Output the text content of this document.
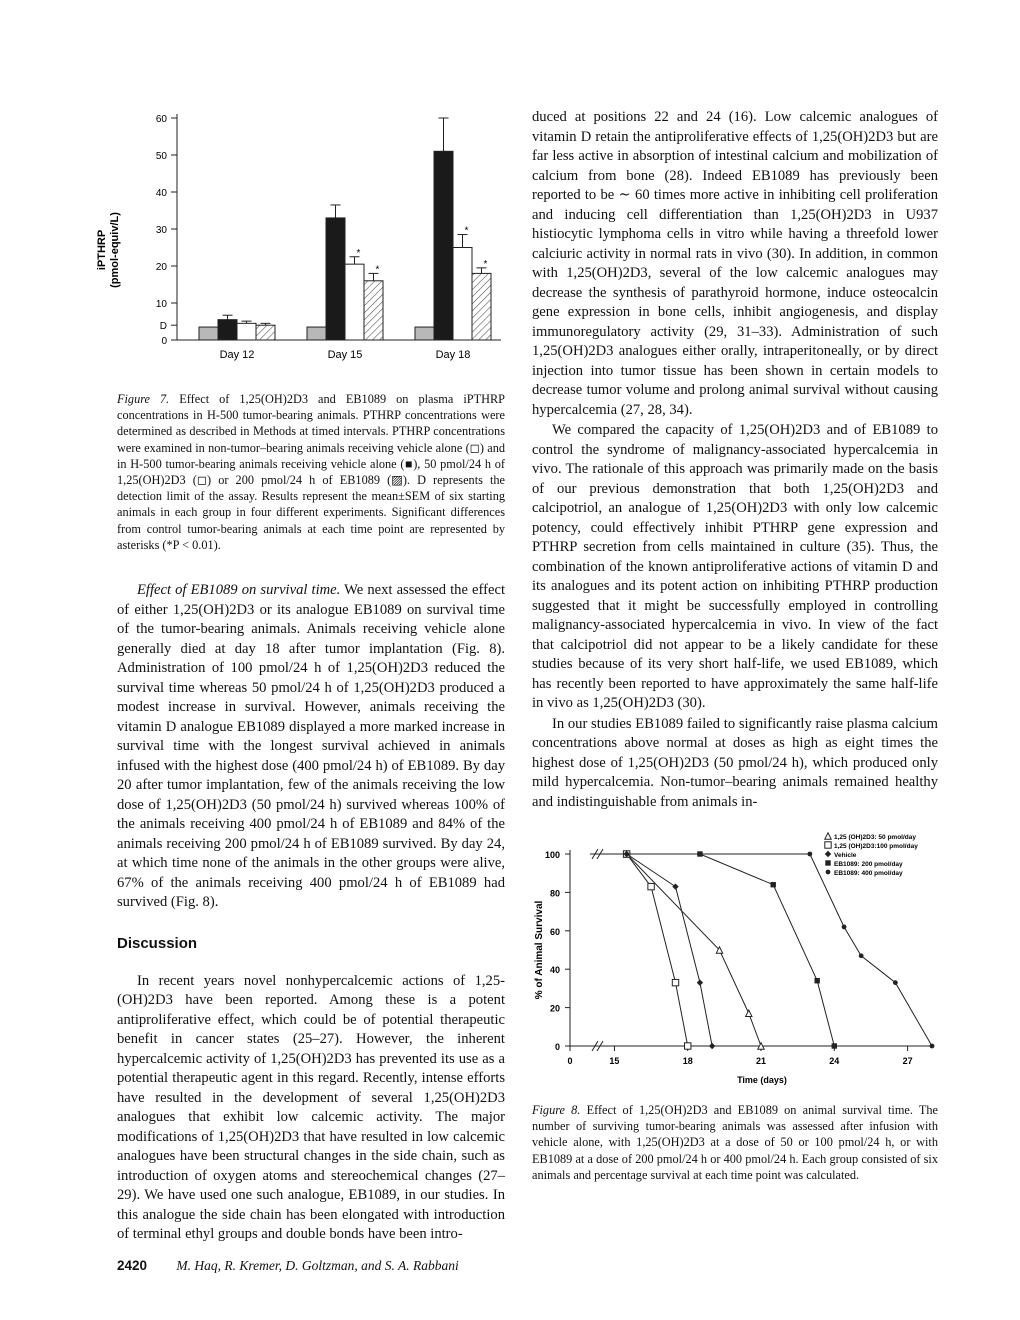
iPTHRP (pmol-equiv/L)
0
10
20
30
40
50
60
D
*
*
*
*
Day 12	Day 15	Day 18

Figure 7. Effect of 1,25(OH)2D3 and EB1089 on plasma iPTHRP concentrations in H-500 tumor-bearing animals. PTHRP concentrations were determined as described in Methods at timed intervals. PTHRP concentrations were examined in non-tumor–bearing animals receiving vehicle alone (◻) and in H-500 tumor-bearing animals receiving vehicle alone (■), 50 pmol/24 h of 1,25(OH)2D3 (◻) or 200 pmol/24 h of EB1089 (▨). D represents the detection limit of the assay. Results represent the mean±SEM of six starting animals in each group in four different experiments. Significant differences from control tumor-bearing animals at each time point are represented by asterisks (*P < 0.01).

Effect of EB1089 on survival time. We next assessed the effect of either 1,25(OH)2D3 or its analogue EB1089 on survival time of the tumor-bearing animals. Animals receiving vehicle alone generally died at day 18 after tumor implantation (Fig. 8). Administration of 100 pmol/24 h of 1,25(OH)2D3 reduced the survival time whereas 50 pmol/24 h of 1,25(OH)2D3 produced a modest increase in survival. However, animals receiving the vitamin D analogue EB1089 displayed a more marked increase in survival time with the longest survival achieved in animals infused with the highest dose (400 pmol/24 h) of EB1089. By day 20 after tumor implantation, few of the animals receiving the low dose of 1,25(OH)2D3 (50 pmol/24 h) survived whereas 100% of the animals receiving 400 pmol/24 h of EB1089 and 84% of the animals receiving 200 pmol/24 h of EB1089 survived. By day 24, at which time none of the animals in the other groups were alive, 67% of the animals receiving 400 pmol/24 h of EB1089 had survived (Fig. 8).

Discussion

In recent years novel nonhypercalcemic actions of 1,25-(OH)2D3 have been reported. Among these is a potent antiproliferative effect, which could be of potential therapeutic benefit in cancer states (25–27). However, the inherent hypercalcemic activity of 1,25(OH)2D3 has prevented its use as a potential therapeutic agent in this regard. Recently, intense efforts have resulted in the development of several 1,25(OH)2D3 analogues that exhibit low calcemic activity. The major modifications of 1,25(OH)2D3 that have resulted in low calcemic analogues have been structural changes in the side chain, such as introduction of oxygen atoms and stereochemical changes (27–29). We have used one such analogue, EB1089, in our studies. In this analogue the side chain has been elongated with introduction of terminal ethyl groups and double bonds have been intro-

duced at positions 22 and 24 (16). Low calcemic analogues of vitamin D retain the antiproliferative effects of 1,25(OH)2D3 but are far less active in absorption of intestinal calcium and mobilization of calcium from bone (28). Indeed EB1089 has previously been reported to be ∼ 60 times more active in inhibiting cell proliferation and inducing cell differentiation than 1,25(OH)2D3 in U937 histiocytic lymphoma cells in vitro while having a threefold lower calciuric activity in normal rats in vivo (30). In addition, in common with 1,25(OH)2D3, several of the low calcemic analogues may decrease the synthesis of parathyroid hormone, induce osteocalcin gene expression in bone cells, inhibit angiogenesis, and display immunoregulatory activity (29, 31–33). Administration of such 1,25(OH)2D3 analogues either orally, intraperitoneally, or by direct injection into tumor tissue has been shown in certain models to decrease tumor volume and prolong animal survival without causing hypercalcemia (27, 28, 34).

We compared the capacity of 1,25(OH)2D3 and of EB1089 to control the syndrome of malignancy-associated hypercalcemia in vivo. The rationale of this approach was primarily made on the basis of our previous demonstration that both 1,25(OH)2D3 and calcipotriol, an analogue of 1,25(OH)2D3 with only low calcemic potency, could effectively inhibit PTHRP gene expression and PTHRP secretion from cells maintained in culture (35). Thus, the combination of the known antiproliferative actions of vitamin D and its analogues and its potent action on inhibiting PTHRP production suggested that it might be successfully employed in controlling malignancy-associated hypercalcemia in vivo. In view of the fact that calcipotriol did not appear to be a likely candidate for these studies because of its very short half-life, we used EB1089, which has recently been reported to have approximately the same half-life in vivo as 1,25(OH)2D3 (30).

In our studies EB1089 failed to significantly raise plasma calcium concentrations above normal at doses as high as eight times the highest dose of 1,25(OH)2D3 (50 pmol/24 h), which produced only mild hypercalcemia. Non-tumor–bearing animals remained healthy and indistinguishable from animals in-

0
20
40
60
80
100
0	15	18	21	24	27
Time (days)
% of Animal Survival
1,25 (OH)2D3: 50 pmol/day
1,25 (OH)2D3:100 pmol/day
Vehicle
EB1089: 200 pmol/day
EB1089: 400 pmol/day

Figure 8. Effect of 1,25(OH)2D3 and EB1089 on animal survival time. The number of surviving tumor-bearing animals was assessed after infusion with vehicle alone, with 1,25(OH)2D3 at a dose of 50 or 100 pmol/24 h, or with EB1089 at a dose of 200 pmol/24 h or 400 pmol/24 h. Each group consisted of six animals and percentage survival at each time point was calculated.

2420 M. Haq, R. Kremer, D. Goltzman, and S. A. Rabbani
